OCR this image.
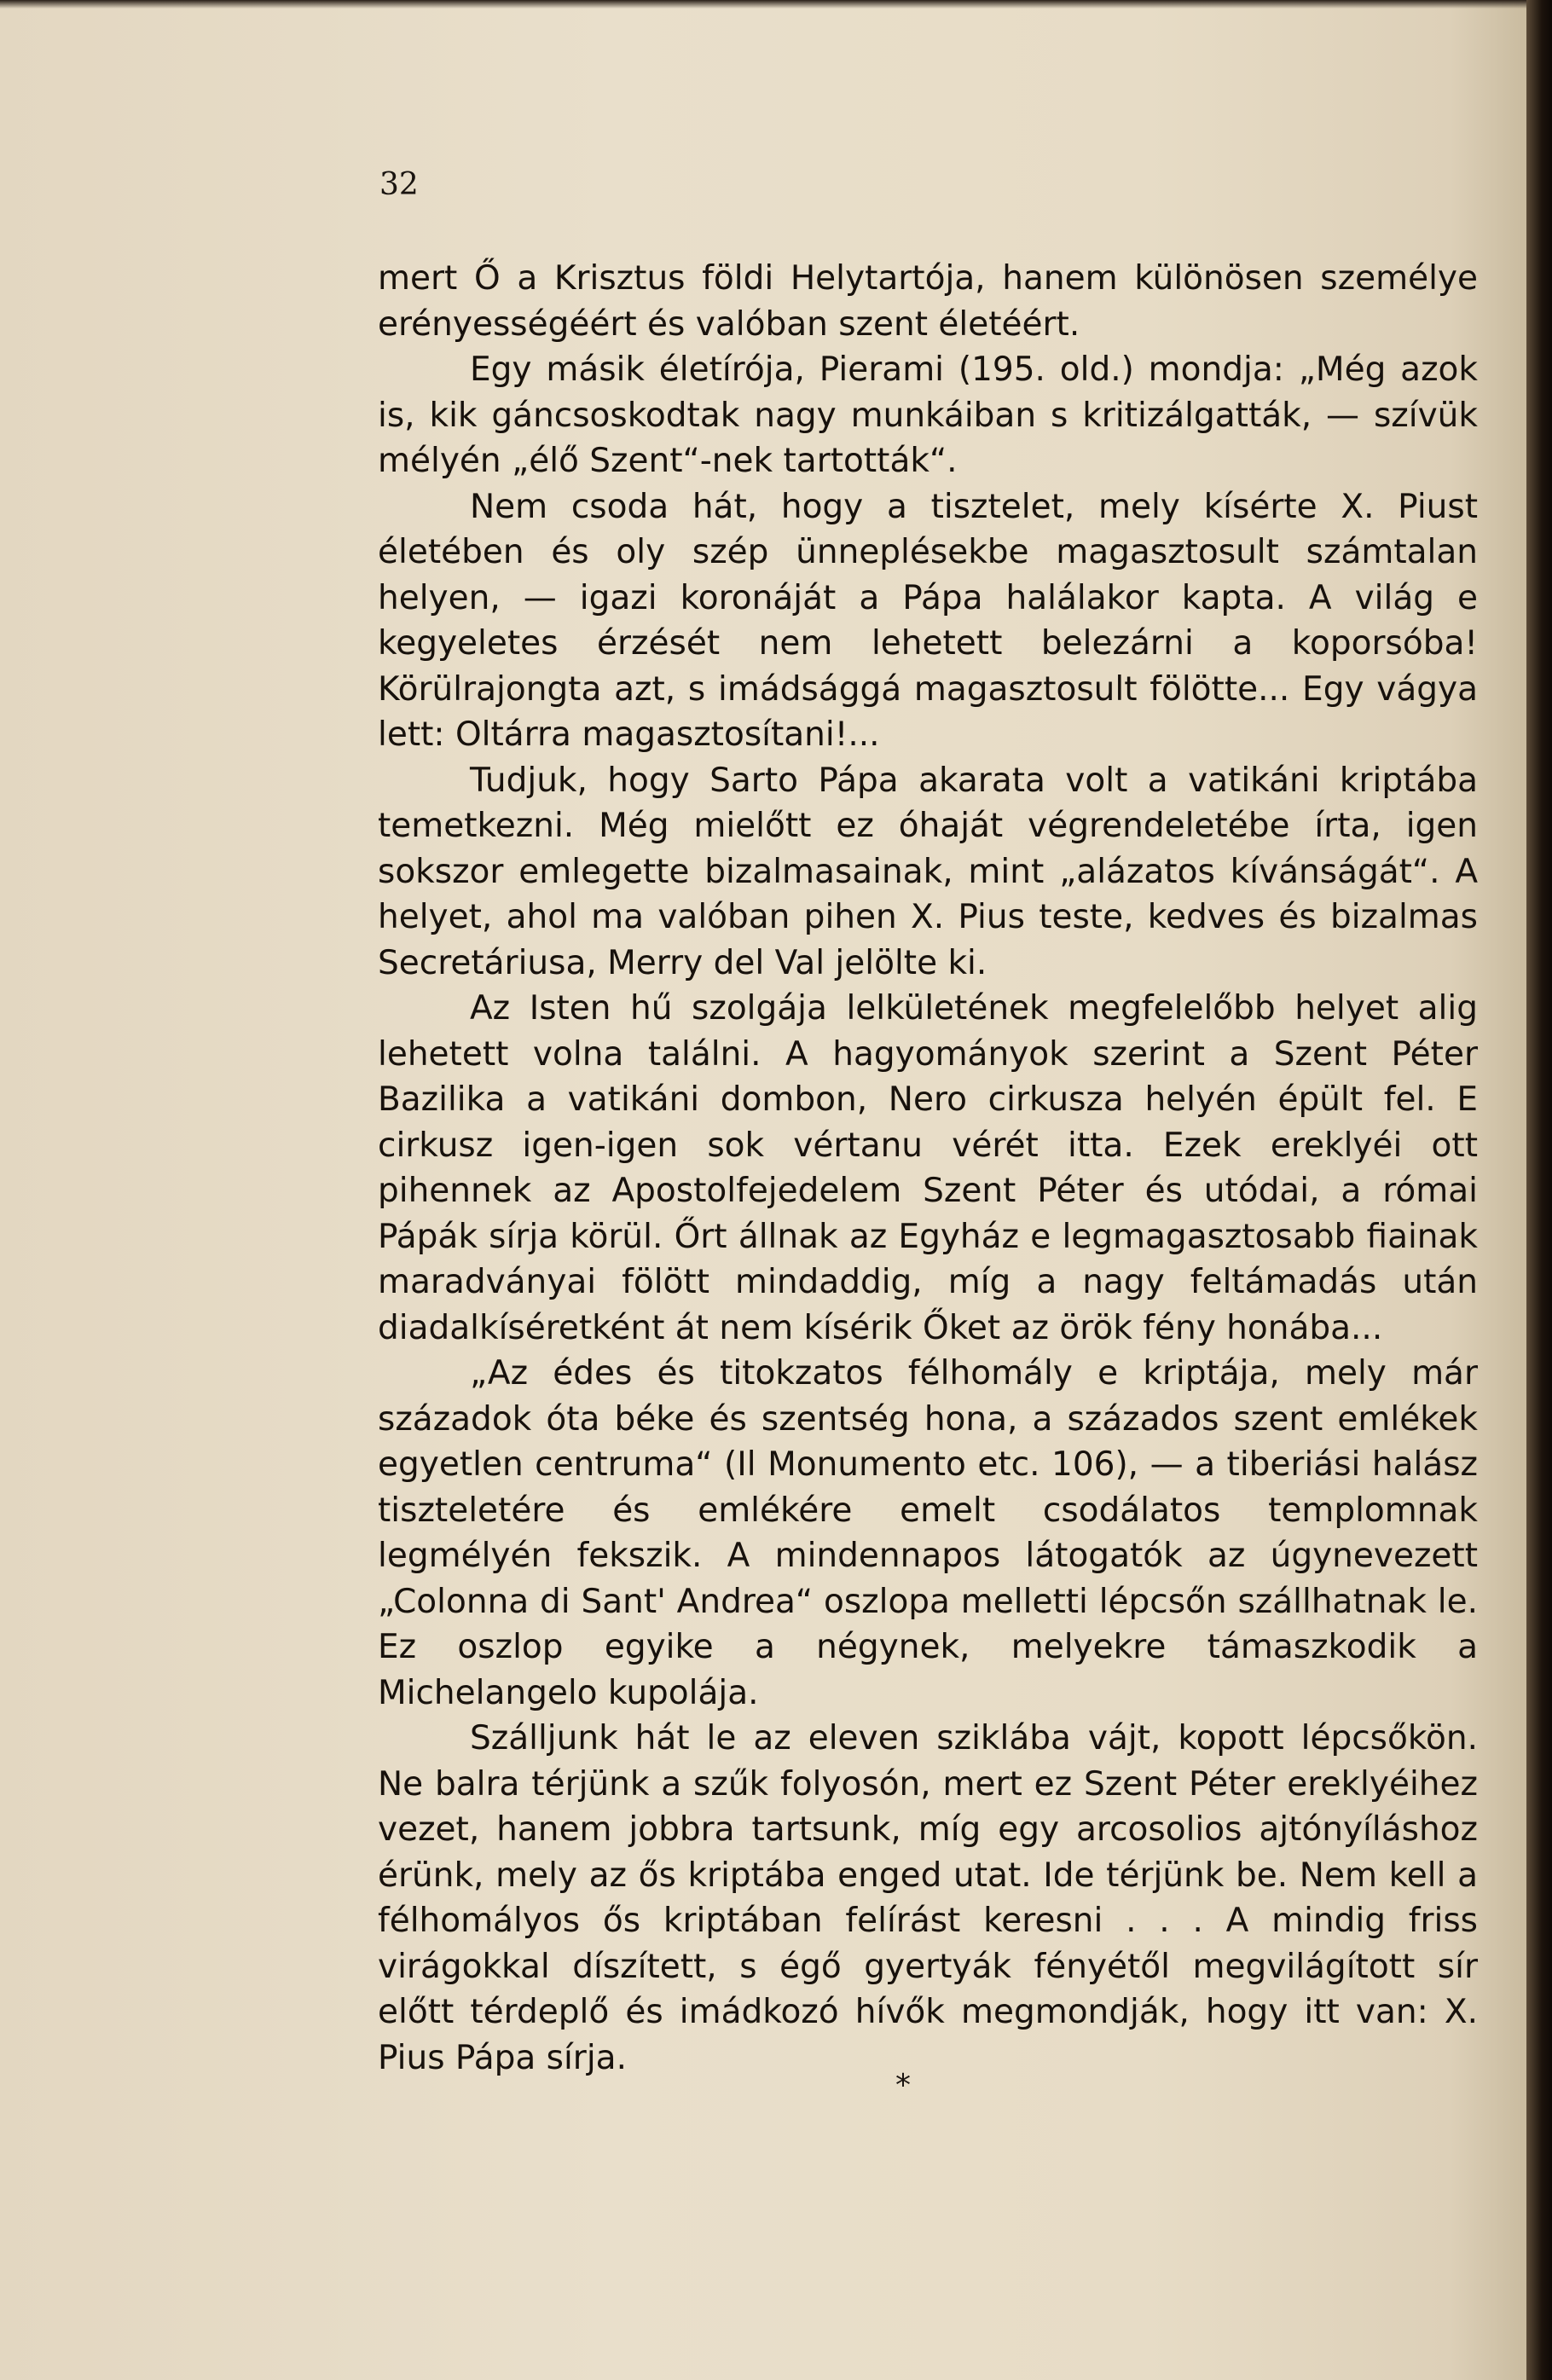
32

mert Ő a Krisztus földi Helytartója, hanem különösen személye erényességéért és valóban szent életéért.

Egy másik életírója, Pierami (195. old.) mondja: „Még azok is, kik gáncsoskodtak nagy munkáiban s kritizálgatták, — szívük mélyén „élő Szent“-nek tartották“.

Nem csoda hát, hogy a tisztelet, mely kísérte X. Piust életében és oly szép ünneplésekbe magasztosult számtalan helyen, — igazi koronáját a Pápa halálakor kapta. A világ e kegyeletes érzését nem lehetett belezárni a koporsóba! Körülrajongta azt, s imádsággá magasztosult fölötte... Egy vágya lett: Oltárra magasztosítani!...

Tudjuk, hogy Sarto Pápa akarata volt a vatikáni kriptába temetkezni. Még mielőtt ez óhaját végrendeletébe írta, igen sokszor emlegette bizalmasainak, mint „alázatos kívánságát“. A helyet, ahol ma valóban pihen X. Pius teste, kedves és bizalmas Secretáriusa, Merry del Val jelölte ki.

Az Isten hű szolgája lelkületének megfelelőbb helyet alig lehetett volna találni. A hagyományok szerint a Szent Péter Bazilika a vatikáni dombon, Nero cirkusza helyén épült fel. E cirkusz igen-igen sok vértanu vérét itta. Ezek ereklyéi ott pihennek az Apostolfejedelem Szent Péter és utódai, a római Pápák sírja körül. Őrt állnak az Egyház e legmagasztosabb fiainak maradványai fölött mindaddig, míg a nagy feltámadás után diadalkíséretként át nem kísérik Őket az örök fény honába...

„Az édes és titokzatos félhomály e kriptája, mely már századok óta béke és szentség hona, a százados szent emlékek egyetlen centruma“ (Il Monumento etc. 106), — a tiberiási halász tiszteletére és emlékére emelt csodálatos templomnak legmélyén fekszik. A mindennapos látogatók az úgynevezett „Colonna di Sant' Andrea“ oszlopa melletti lépcsőn szállhatnak le. Ez oszlop egyike a négynek, melyekre támaszkodik a Michelangelo kupolája.

Szálljunk hát le az eleven sziklába vájt, kopott lépcsőkön. Ne balra térjünk a szűk folyosón, mert ez Szent Péter ereklyéihez vezet, hanem jobbra tartsunk, míg egy arcosolios ajtónyíláshoz érünk, mely az ős kriptába enged utat. Ide térjünk be. Nem kell a félhomályos ős kriptában felírást keresni . . . A mindig friss virágokkal díszített, s égő gyertyák fényétől megvilágított sír előtt térdeplő és imádkozó hívők megmondják, hogy itt van: X. Pius Pápa sírja.

*
